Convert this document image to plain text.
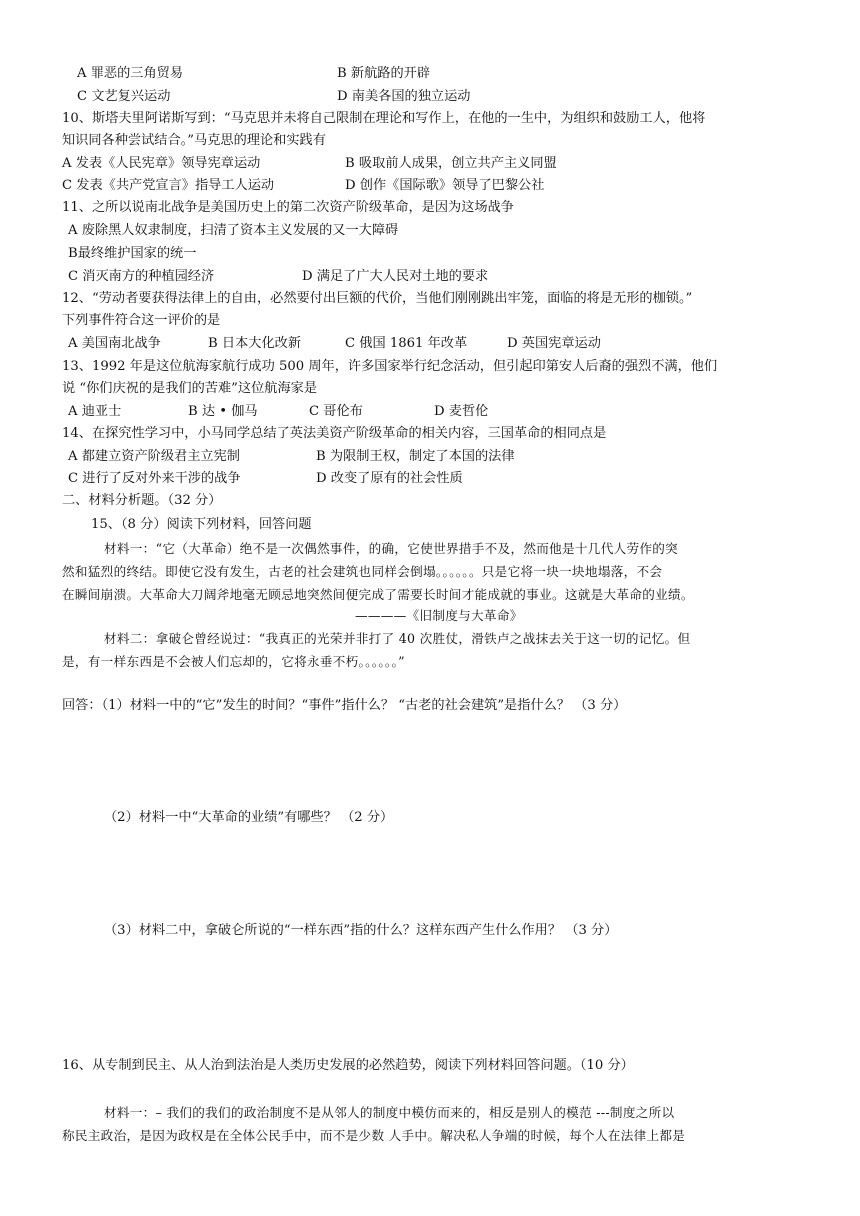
A 罪恶的三角贸易	B 新航路的开辟
C 文艺复兴运动	D 南美各国的独立运动
10、斯塔夫里阿诺斯写到：“马克思并未将自己限制在理论和写作上，在他的一生中，为组织和鼓励工人，他将
知识同各种尝试结合。”马克思的理论和实践有
A 发表《人民宪章》领导宪章运动	B 吸取前人成果，创立共产主义同盟
C 发表《共产党宣言》指导工人运动	D 创作《国际歌》领导了巴黎公社
11、之所以说南北战争是美国历史上的第二次资产阶级革命，是因为这场战争
A 废除黑人奴隶制度，扫清了资本主义发展的又一大障碍
B最终维护国家的统一
C 消灭南方的种植园经济	D 满足了广大人民对土地的要求
12、“劳动者要获得法律上的自由，必然要付出巨额的代价，当他们刚刚跳出牢笼，面临的将是无形的枷锁。”
下列事件符合这一评价的是
A 美国南北战争	B 日本大化改新	C 俄国 1861 年改革	D 英国宪章运动
13、1992 年是这位航海家航行成功 500 周年，许多国家举行纪念活动，但引起印第安人后裔的强烈不满，他们
说 “你们庆祝的是我们的苦难”这位航海家是
A 迪亚士	B 达 • 伽马	C 哥伦布	D 麦哲伦
14、在探究性学习中，小马同学总结了英法美资产阶级革命的相关内容，三国革命的相同点是
A 都建立资产阶级君主立宪制	B 为限制王权，制定了本国的法律
C 进行了反对外来干涉的战争	D 改变了原有的社会性质
二、材料分析题。（32 分）
15、（8 分）阅读下列材料，回答问题
材料一：“它（大革命）绝不是一次偶然事件，的确，它使世界措手不及，然而他是十几代人劳作的突
然和猛烈的终结。即使它没有发生，古老的社会建筑也同样会倒塌。。。。。。只是它将一块一块地塌落，不会
在瞬间崩溃。大革命大刀阔斧地毫无顾忌地突然间便完成了需要长时间才能成就的事业。这就是大革命的业绩。
————《旧制度与大革命》
材料二：拿破仑曾经说过：“我真正的光荣并非打了 40 次胜仗，滑铁卢之战抹去关于这一切的记忆。但
是，有一样东西是不会被人们忘却的，它将永垂不朽。。。。。。”
回答：（1）材料一中的“它”发生的时间？“事件”指什么？ “古老的社会建筑”是指什么？ （3 分）
（2）材料一中“大革命的业绩”有哪些？ （2 分）
（3）材料二中，拿破仑所说的“一样东西”指的什么？这样东西产生什么作用？ （3 分）
16、从专制到民主、从人治到法治是人类历史发展的必然趋势，阅读下列材料回答问题。（10 分）
材料一：– 我们的我们的政治制度不是从邻人的制度中模仿而来的，相反是别人的模范 ---制度之所以
称民主政治，是因为政权是在全体公民手中，而不是少数 人手中。解决私人争端的时候，每个人在法律上都是
